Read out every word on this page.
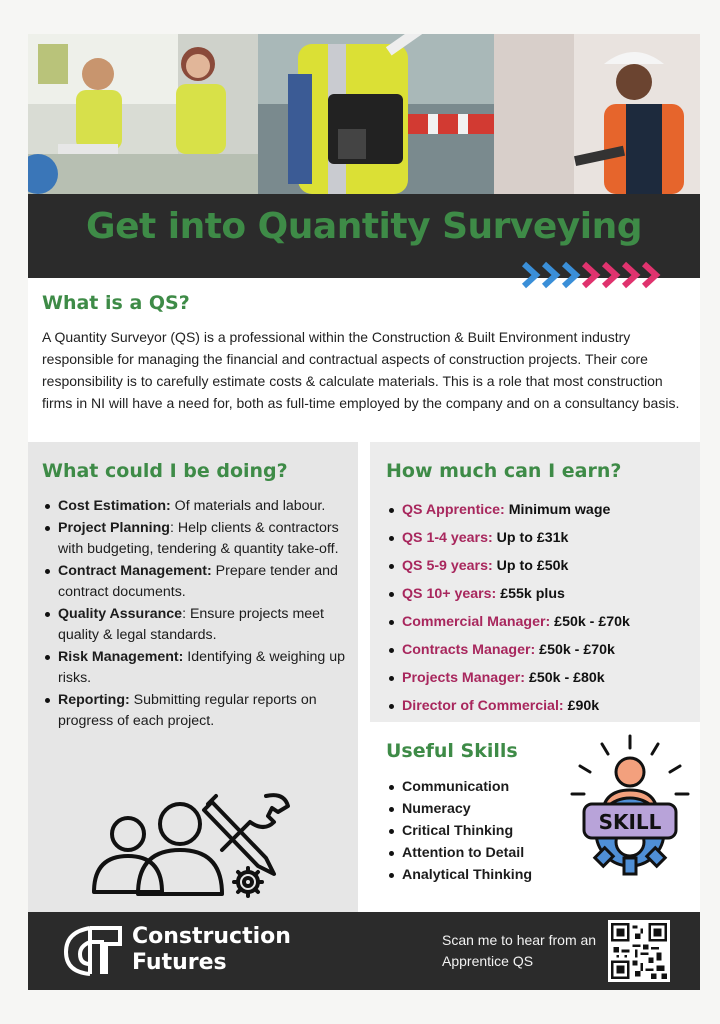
Get into Quantity Surveying
What is a QS?

A Quantity Surveyor (QS) is a professional within the Construction & Built Environment industry responsible for managing the financial and contractual aspects of construction projects. Their core responsibility is to carefully estimate costs & calculate materials. This is a role that most construction firms in NI will have a need for, both as full-time employed by the company and on a consultancy basis.

What could I be doing?
Cost Estimation: Of materials and labour.
Project Planning: Help clients & contractors with budgeting, tendering & quantity take-off.
Contract Management: Prepare tender and contract documents.
Quality Assurance: Ensure projects meet quality & legal standards.
Risk Management: Identifying & weighing up risks.
Reporting: Submitting regular reports on progress of each project.
How much can I earn?
QS Apprentice: Minimum wage
QS 1-4 years: Up to £31k
QS 5-9 years: Up to £50k
QS 10+ years: £55k plus
Commercial Manager: £50k - £70k
Contracts Manager: £50k - £70k
Projects Manager: £50k - £80k
Director of Commercial: £90k
Useful Skills
Communication
Numeracy
Critical Thinking
Attention to Detail
Analytical Thinking
SKILL
Construction
Futures
Scan me to hear from an Apprentice QS
